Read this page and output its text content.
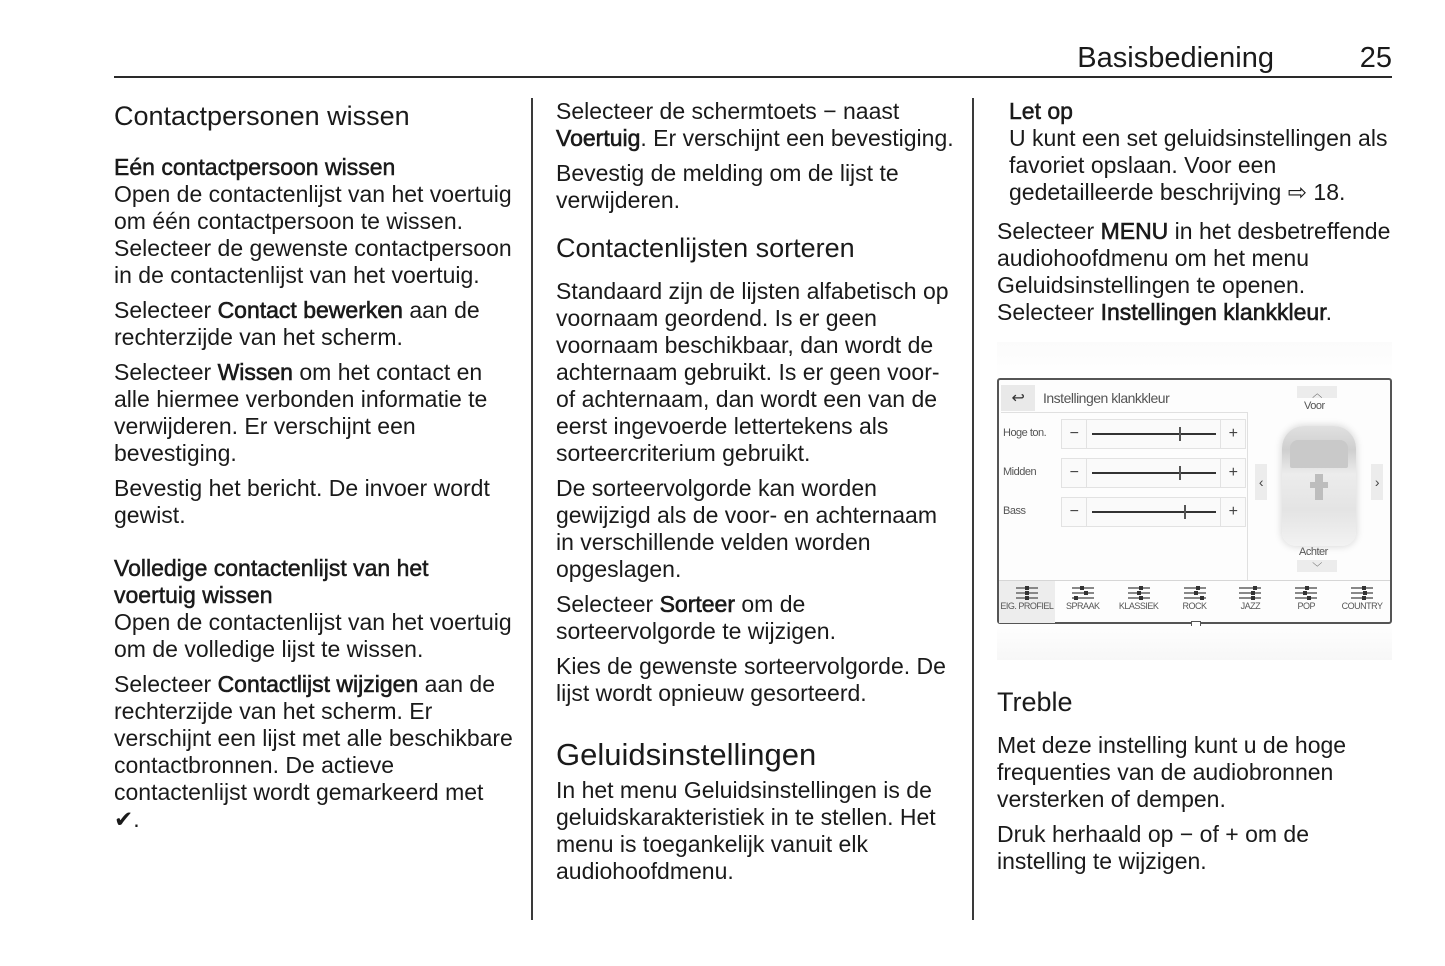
Basisbediening	25
Contactpersonen wissen
Eén contactpersoon wissen

Open de contactenlijst van het voertuig om één contactpersoon te wissen. Selecteer de gewenste contactpersoon in de contactenlijst van het voertuig.

Selecteer Contact bewerken aan de rechterzijde van het scherm.

Selecteer Wissen om het contact en alle hiermee verbonden informatie te verwijderen. Er verschijnt een bevestiging.

Bevestig het bericht. De invoer wordt gewist.

Volledige contactenlijst van het voertuig wissen

Open de contactenlijst van het voertuig om de volledige lijst te wissen.

Selecteer Contactlijst wijzigen aan de rechterzijde van het scherm. Er verschijnt een lijst met alle beschikbare contactbronnen. De actieve contactenlijst wordt gemarkeerd met
✔.

Selecteer de schermtoets − naast Voertuig. Er verschijnt een bevestiging.

Bevestig de melding om de lijst te verwijderen.

Contactenlijsten sorteren

Standaard zijn de lijsten alfabetisch op voornaam geordend. Is er geen voornaam beschikbaar, dan wordt de achternaam gebruikt. Is er geen voor- of achternaam, dan wordt een van de eerst ingevoerde lettertekens als sorteercriterium gebruikt.

De sorteervolgorde kan worden gewijzigd als de voor- en achternaam in verschillende velden worden opgeslagen.

Selecteer Sorteer om de sorteervolgorde te wijzigen.

Kies de gewenste sorteervolgorde. De lijst wordt opnieuw gesorteerd.

Geluidsinstellingen

In het menu Geluidsinstellingen is de geluidskarakteristiek in te stellen. Het menu is toegankelijk vanuit elk audiohoofdmenu.

Let op

U kunt een set geluidsinstellingen als favoriet opslaan. Voor een gedetailleerde beschrijving ⇨ 18.

Selecteer MENU in het desbetreffende audiohoofdmenu om het menu Geluidsinstellingen te openen. Selecteer Instellingen klankkleur.

↩ Instellingen klankkleur
Hoge ton.	−	+
Midden	−	+
Bass	−	+
︿
Voor
‹	›
Achter
﹀
EIG. PROFIEL	SPRAAK	KLASSIEK	ROCK	JAZZ	POP	COUNTRY
Treble

Met deze instelling kunt u de hoge frequenties van de audiobronnen versterken of dempen.

Druk herhaald op − of + om de instelling te wijzigen.
